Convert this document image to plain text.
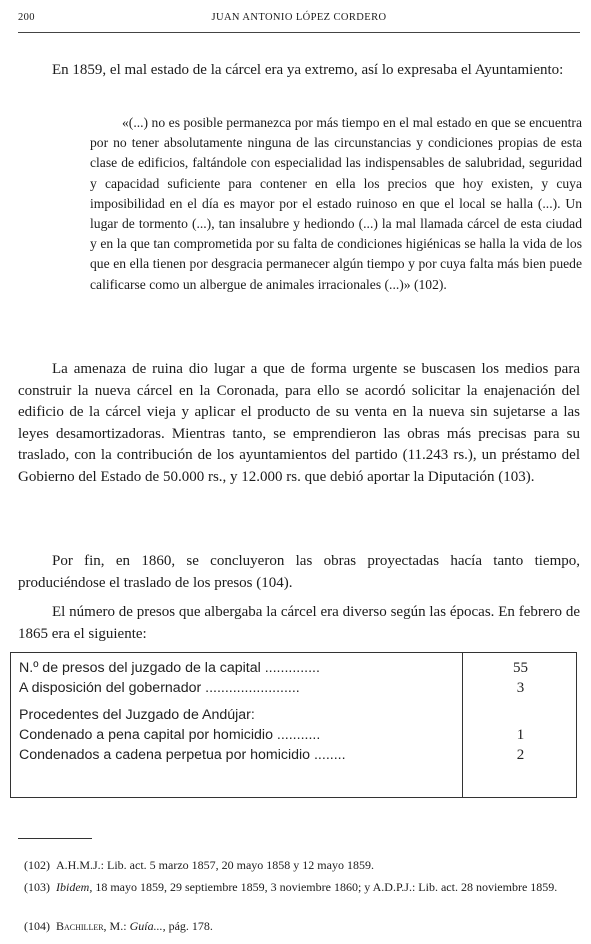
200	JUAN ANTONIO LÓPEZ CORDERO

En 1859, el mal estado de la cárcel era ya extremo, así lo expresaba el Ayuntamiento:

«(...) no es posible permanezca por más tiempo en el mal estado en que se encuentra por no tener absolutamente ninguna de las circunstancias y condiciones propias de esta clase de edificios, faltándole con especialidad las indispensables de salubridad, seguridad y capacidad suficiente para contener en ella los precios que hoy existen, y cuya imposibilidad en el día es mayor por el estado ruinoso en que el local se halla (...). Un lugar de tormento (...), tan insalubre y hediondo (...) la mal llamada cárcel de esta ciudad y en la que tan comprometida por su falta de condiciones higiénicas se halla la vida de los que en ella tienen por desgracia permanecer algún tiempo y por cuya falta más bien puede calificarse como un albergue de animales irracionales (...)» (102).

La amenaza de ruina dio lugar a que de forma urgente se buscasen los medios para construir la nueva cárcel en la Coronada, para ello se acordó solicitar la enajenación del edificio de la cárcel vieja y aplicar el producto de su venta en la nueva sin sujetarse a las leyes desamortizadoras. Mientras tanto, se emprendieron las obras más precisas para su traslado, con la contribución de los ayuntamientos del partido (11.243 rs.), un préstamo del Gobierno del Estado de 50.000 rs., y 12.000 rs. que debió aportar la Diputación (103).

Por fin, en 1860, se concluyeron las obras proyectadas hacía tanto tiempo, produciéndose el traslado de los presos (104).

El número de presos que albergaba la cárcel era diverso según las épocas. En febrero de 1865 era el siguiente:

N.º de presos del juzgado de la capital ..............	55
A disposición del gobernador ........................	3
Procedentes del Juzgado de Andújar:
Condenado a pena capital por homicidio ...........	1
Condenados a cadena perpetua por homicidio ........	2

(102) A.H.M.J.: Lib. act. 5 marzo 1857, 20 mayo 1858 y 12 mayo 1859.

(103) Ibidem, 18 mayo 1859, 29 septiembre 1859, 3 noviembre 1860; y A.D.P.J.: Lib. act. 28 noviembre 1859.

(104) Bachiller, M.: Guía..., pág. 178.
